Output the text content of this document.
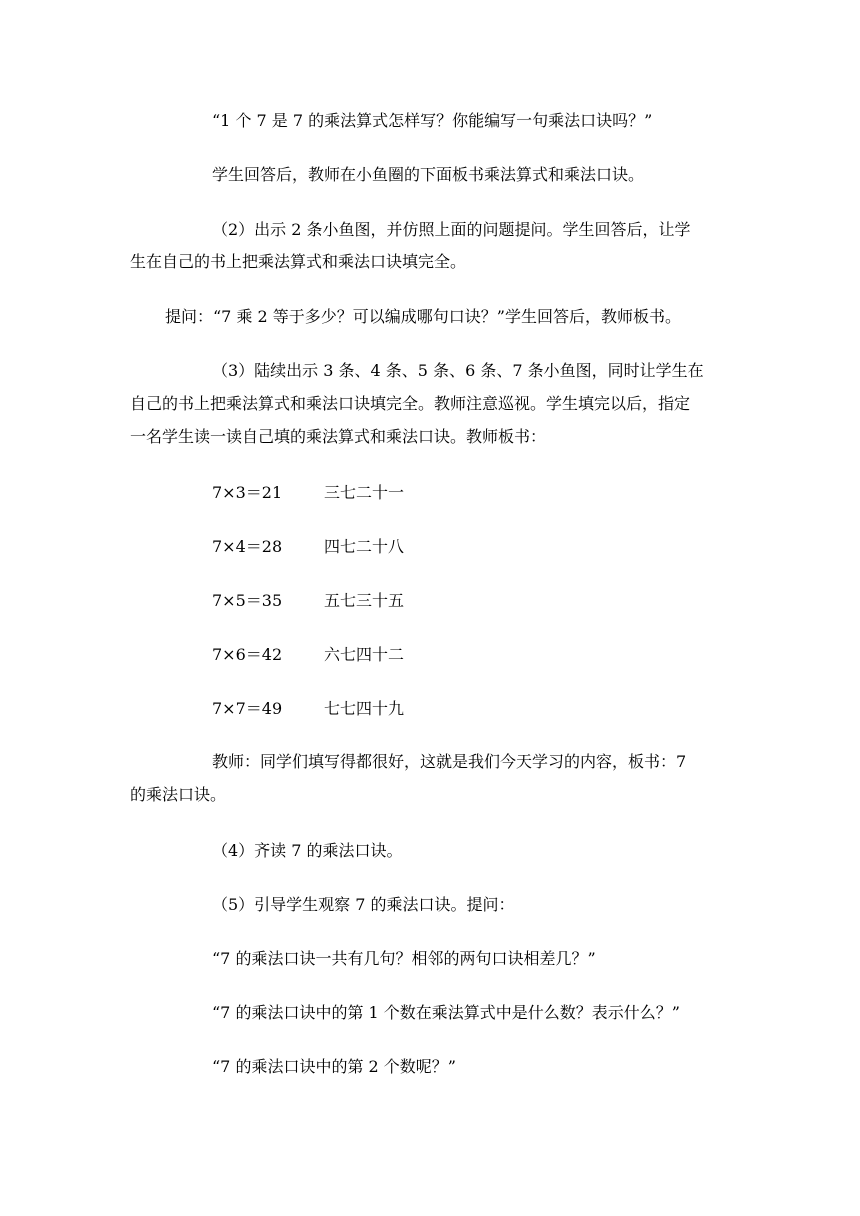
“1 个 7 是 7 的乘法算式怎样写？你能编写一句乘法口诀吗？”
学生回答后，教师在小鱼圈的下面板书乘法算式和乘法口诀。
（2）出示 2 条小鱼图，并仿照上面的问题提问。学生回答后，让学
生在自己的书上把乘法算式和乘法口诀填完全。
提问：“7 乘 2 等于多少？可以编成哪句口诀？”学生回答后，教师板书。
（3）陆续出示 3 条、4 条、5 条、6 条、7 条小鱼图，同时让学生在
自己的书上把乘法算式和乘法口诀填完全。教师注意巡视。学生填完以后，指定
一名学生读一读自己填的乘法算式和乘法口诀。教师板书：
7×3＝21	三七二十一
7×4＝28	四七二十八
7×5＝35	五七三十五
7×6＝42	六七四十二
7×7＝49	七七四十九
教师：同学们填写得都很好，这就是我们今天学习的内容，板书：7
的乘法口诀。
（4）齐读 7 的乘法口诀。
（5）引导学生观察 7 的乘法口诀。提问：
“7 的乘法口诀一共有几句？相邻的两句口诀相差几？”
“7 的乘法口诀中的第 1 个数在乘法算式中是什么数？表示什么？”
“7 的乘法口诀中的第 2 个数呢？”
